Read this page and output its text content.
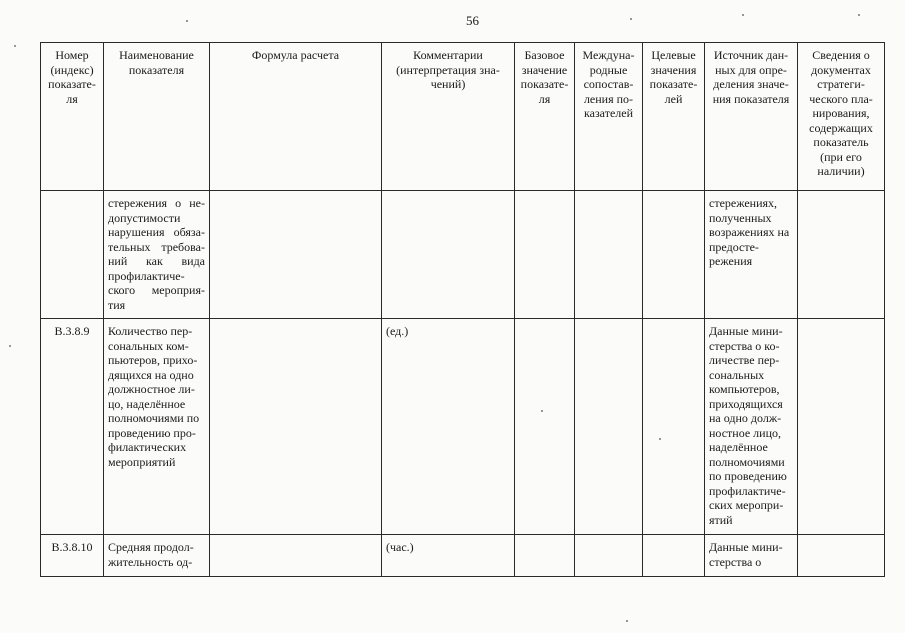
56
Номер (индекс) показате-ля	Наименование показателя	Формула расчета	Комментарии (интерпретация зна-чений)	Базовое значение показате-ля	Междуна-родные сопостав-ления по-казателей	Целевые значения показате-лей	Источник дан-ных для опре-деления значе-ния показателя	Сведения о документах стратеги-ческого пла-нирования, содержащих показатель (при его наличии)
	стережения о не-допустимости нарушения обяза-тельных требова-ний как вида профилактиче-ского мероприя-тия						стережениях, полученных возражениях на предосте-режения	
B.3.8.9	Количество пер-сональных ком-пьютеров, прихо-дящихся на одно должностное ли-цо, наделённое полномочиями по проведению про-филактических мероприятий		(ед.)				Данные мини-стерства о ко-личестве пер-сональных компьютеров, приходящихся на одно долж-ностное лицо, наделённое полномочиями по проведению профилактиче-ских меропри-ятий	
B.3.8.10	Средняя продол-жительность од-		(час.)				Данные мини-стерства о	
